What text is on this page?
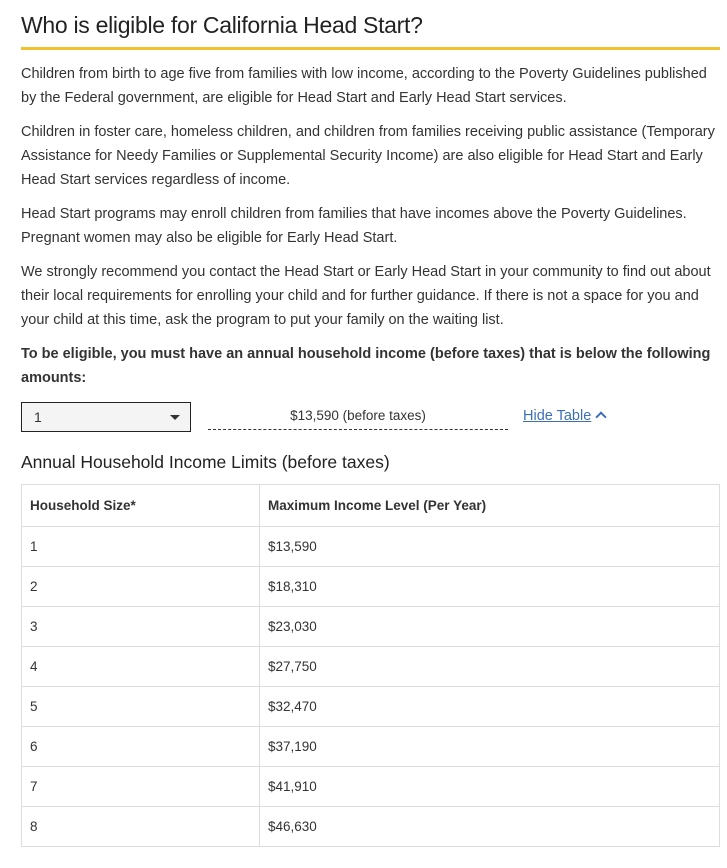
Who is eligible for California Head Start?
Children from birth to age five from families with low income, according to the Poverty Guidelines published by the Federal government, are eligible for Head Start and Early Head Start services.
Children in foster care, homeless children, and children from families receiving public assistance (Temporary Assistance for Needy Families or Supplemental Security Income) are also eligible for Head Start and Early Head Start services regardless of income.
Head Start programs may enroll children from families that have incomes above the Poverty Guidelines. Pregnant women may also be eligible for Early Head Start.
We strongly recommend you contact the Head Start or Early Head Start in your community to find out about their local requirements for enrolling your child and for further guidance. If there is not a space for you and your child at this time, ask the program to put your family on the waiting list.
To be eligible, you must have an annual household income (before taxes) that is below the following amounts:
1	$13,590 (before taxes)	Hide Table
Annual Household Income Limits (before taxes)
Household Size*	Maximum Income Level (Per Year)
1	$13,590
2	$18,310
3	$23,030
4	$27,750
5	$32,470
6	$37,190
7	$41,910
8	$46,630
